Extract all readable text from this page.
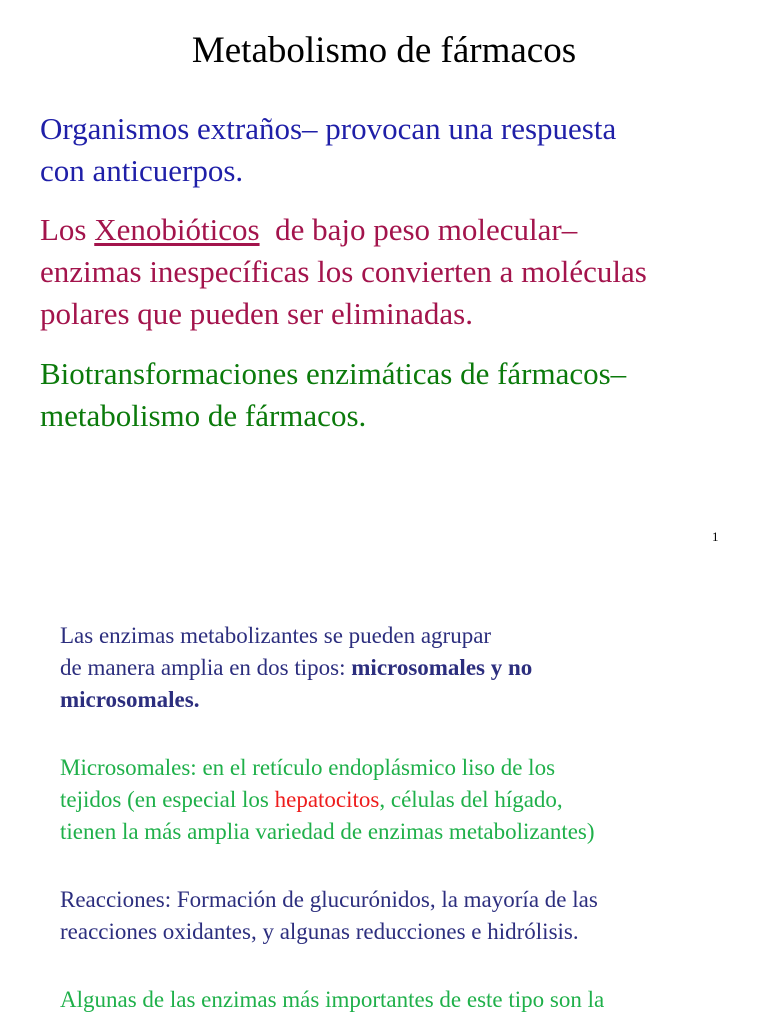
Metabolismo de fármacos

Organismos extraños– provocan una respuesta
con anticuerpos.

Los Xenobióticos  de bajo peso molecular–
enzimas inespecíficas los convierten a moléculas
polares que pueden ser eliminadas.

Biotransformaciones enzimáticas de fármacos–
metabolismo de fármacos.

1

Las enzimas metabolizantes se pueden agrupar
de manera amplia en dos tipos: microsomales y no
microsomales.

Microsomales: en el retículo endoplásmico liso de los
tejidos (en especial los hepatocitos, células del hígado,
tienen la más amplia variedad de enzimas metabolizantes)

Reacciones: Formación de glucurónidos, la mayoría de las
reacciones oxidantes, y algunas reducciones e hidrólisis.

Algunas de las enzimas más importantes de este tipo son la
